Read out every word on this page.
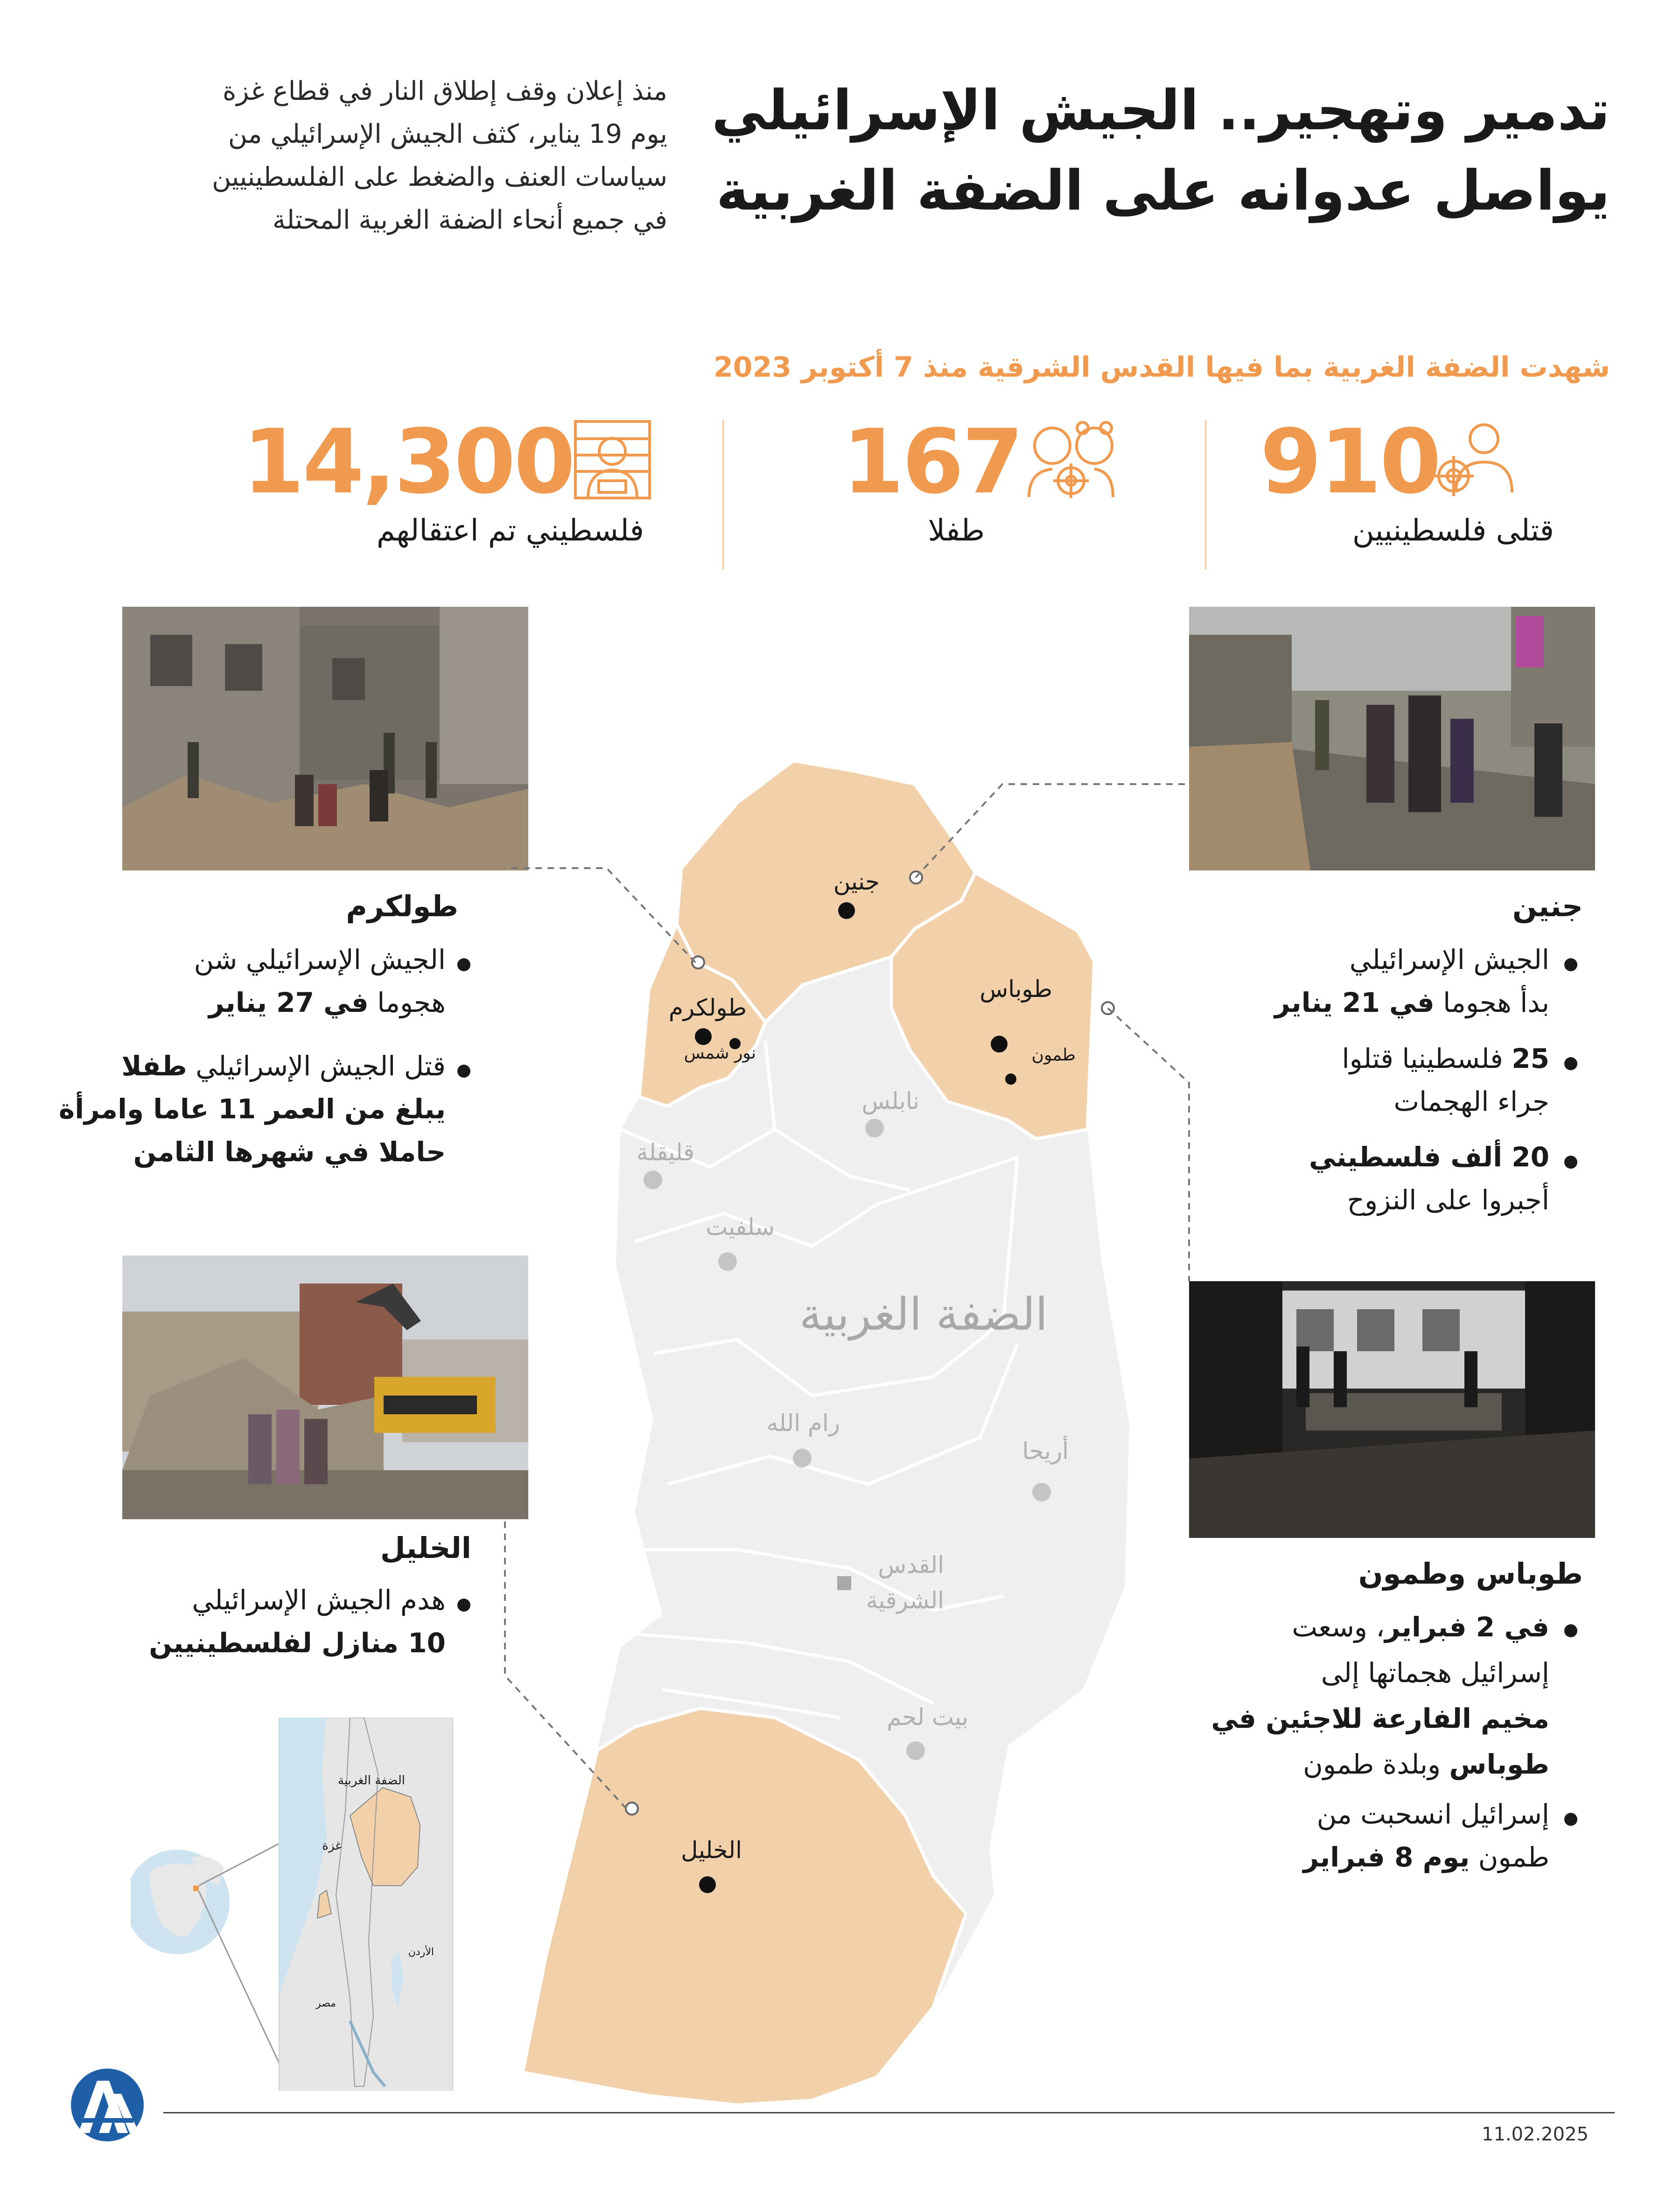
تدمير وتهجير.. الجيش الإسرائيلي
يواصل عدوانه على الضفة الغربية
منذ إعلان وقف إطلاق النار في قطاع غزة
يوم 19 يناير، كثف الجيش الإسرائيلي من
سياسات العنف والضغط على الفلسطينيين
في جميع أنحاء الضفة الغربية المحتلة
شهدت الضفة الغربية بما فيها القدس الشرقية منذ 7 أكتوبر 2023
910
قتلى فلسطينيين
167
طفلا
14,300
فلسطيني تم اعتقالهم
جنين
طولكرم
نور شمس
طوباس
طمون
نابلس
قليقلة
سلفيت
الضفة الغربية
رام الله
أريحا
القدس
الشرقية
بيت لحم
الخليل
طولكرم
الجيش الإسرائيلي شن
هجوما في 27 يناير
قتل الجيش الإسرائيلي طفلا
يبلغ من العمر 11 عاما وامرأة
حاملا في شهرها الثامن
الخليل
هدم الجيش الإسرائيلي
10 منازل لفلسطينيين
جنين
الجيش الإسرائيلي
بدأ هجوما في 21 يناير
25 فلسطينيا قتلوا
جراء الهجمات
20 ألف فلسطيني
أجبروا على النزوح
طوباس وطمون
في 2 فبراير، وسعت
إسرائيل هجماتها إلى
مخيم الفارعة للاجئين في
طوباس وبلدة طمون
إسرائيل انسحبت من
طمون يوم 8 فبراير
الضفة الغربية
غزة
الأردن
مصر
11.02.2025
